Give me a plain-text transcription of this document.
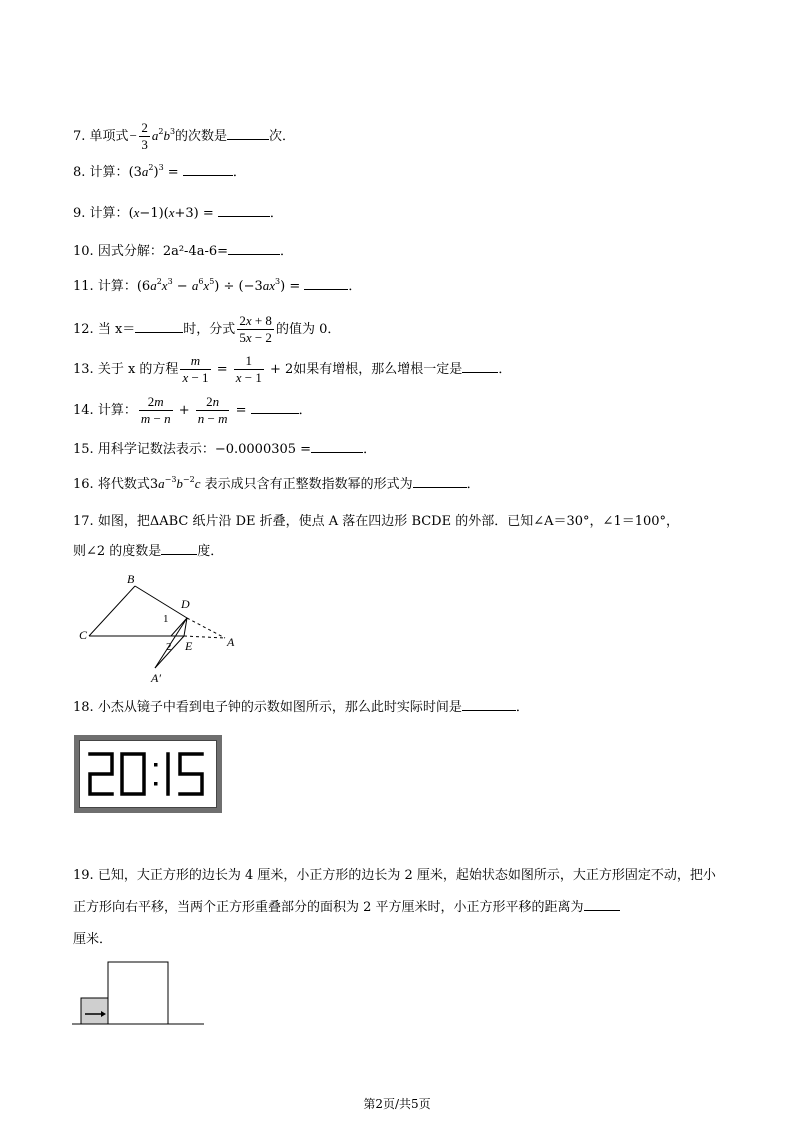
7. 单项式− $\frac{2}{3} a^2b^3$的次数是	次．
8. 计算：$(3a^2)^3$ =	．
9. 计算：(x−1)(x+3) =	．
10. 因式分解：2a²-4a-6=	．
11. 计算：$(6a^2x^3 - a^6x^5) \div (-3ax^3)$ =	．
12. 当 x＝	时，分式 $\frac{2x + 8}{5x - 2}$ 的值为 0．
13. 关于 x 的方程 $\frac{m}{x - 1} = \frac{1}{x - 1} + 2$如果有增根，那么增根一定是	．
14. 计算： $\frac{2m}{m - n} + \frac{2n}{n - m}$ =	．
15. 用科学记数法表示：−0.0000305 =	．
16. 将代数式$3a^{-3}b^{-2}c$ 表示成只含有正整数指数幂的形式为	．
17. 如图，把ΔABC 纸片沿 DE 折叠，使点 A 落在四边形 BCDE 的外部．已知∠A＝30°，∠1＝100°，
则∠2 的度数是	度．
B
C
D
A
E
A′
1
2
18. 小杰从镜子中看到电子钟的示数如图所示，那么此时实际时间是	．
19. 已知，大正方形的边长为 4 厘米，小正方形的边长为 2 厘米，起始状态如图所示，大正方形固定不动，把小正方形向右平移，当两个正方形重叠部分的面积为 2 平方厘米时，小正方形平移的距离为
厘米．
第2页/共5页
